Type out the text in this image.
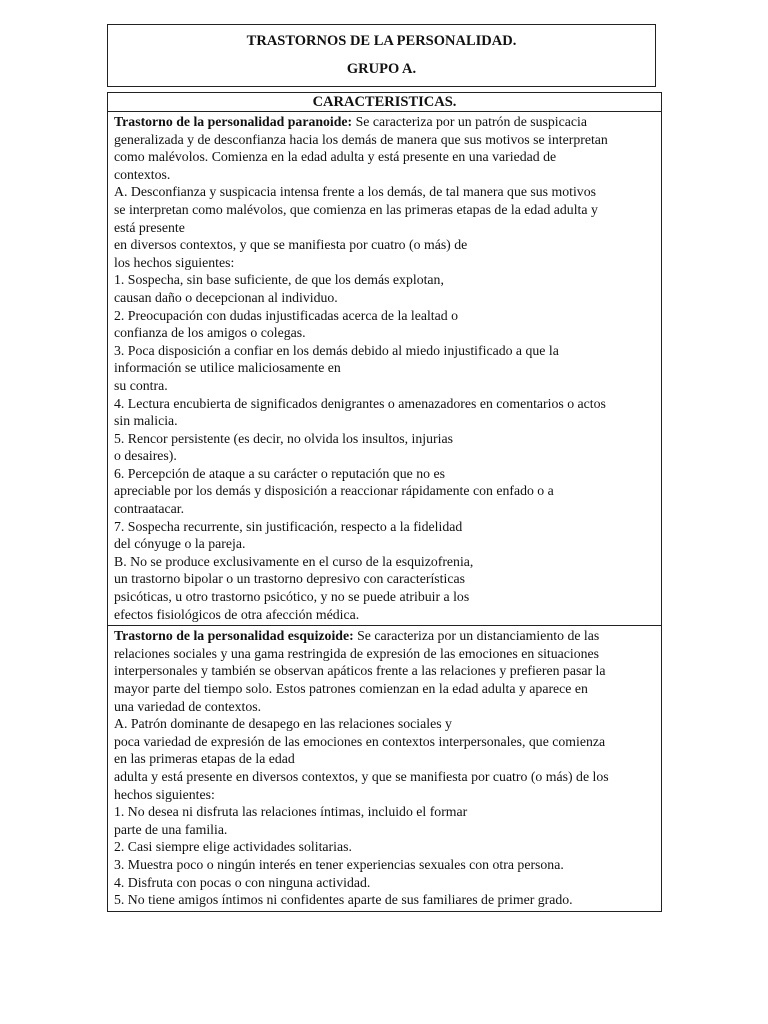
TRASTORNOS DE LA PERSONALIDAD.
GRUPO A.
CARACTERISTICAS.
Trastorno de la personalidad paranoide: Se caracteriza por un patrón de suspicacia
generalizada y de desconfianza hacia los demás de manera que sus motivos se interpretan
como malévolos. Comienza en la edad adulta y está presente en una variedad de
contextos.
A. Desconfianza y suspicacia intensa frente a los demás, de tal manera que sus motivos
se interpretan como malévolos, que comienza en las primeras etapas de la edad adulta y
está presente
en diversos contextos, y que se manifiesta por cuatro (o más) de
los hechos siguientes:
1. Sospecha, sin base suficiente, de que los demás explotan,
causan daño o decepcionan al individuo.
2. Preocupación con dudas injustificadas acerca de la lealtad o
confianza de los amigos o colegas.
3. Poca disposición a confiar en los demás debido al miedo injustificado a que la
información se utilice maliciosamente en
su contra.
4. Lectura encubierta de significados denigrantes o amenazadores en comentarios o actos
sin malicia.
5. Rencor persistente (es decir, no olvida los insultos, injurias
o desaires).
6. Percepción de ataque a su carácter o reputación que no es
apreciable por los demás y disposición a reaccionar rápidamente con enfado o a
contraatacar.
7. Sospecha recurrente, sin justificación, respecto a la fidelidad
del cónyuge o la pareja.
B. No se produce exclusivamente en el curso de la esquizofrenia,
un trastorno bipolar o un trastorno depresivo con características
psicóticas, u otro trastorno psicótico, y no se puede atribuir a los
efectos fisiológicos de otra afección médica.
Trastorno de la personalidad esquizoide: Se caracteriza por un distanciamiento de las
relaciones sociales y una gama restringida de expresión de las emociones en situaciones
interpersonales y también se observan apáticos frente a las relaciones y prefieren pasar la
mayor parte del tiempo solo. Estos patrones comienzan en la edad adulta y aparece en
una variedad de contextos.
A. Patrón dominante de desapego en las relaciones sociales y
poca variedad de expresión de las emociones en contextos interpersonales, que comienza
en las primeras etapas de la edad
adulta y está presente en diversos contextos, y que se manifiesta por cuatro (o más) de los
hechos siguientes:
1. No desea ni disfruta las relaciones íntimas, incluido el formar
parte de una familia.
2. Casi siempre elige actividades solitarias.
3. Muestra poco o ningún interés en tener experiencias sexuales con otra persona.
4. Disfruta con pocas o con ninguna actividad.
5. No tiene amigos íntimos ni confidentes aparte de sus familiares de primer grado.
